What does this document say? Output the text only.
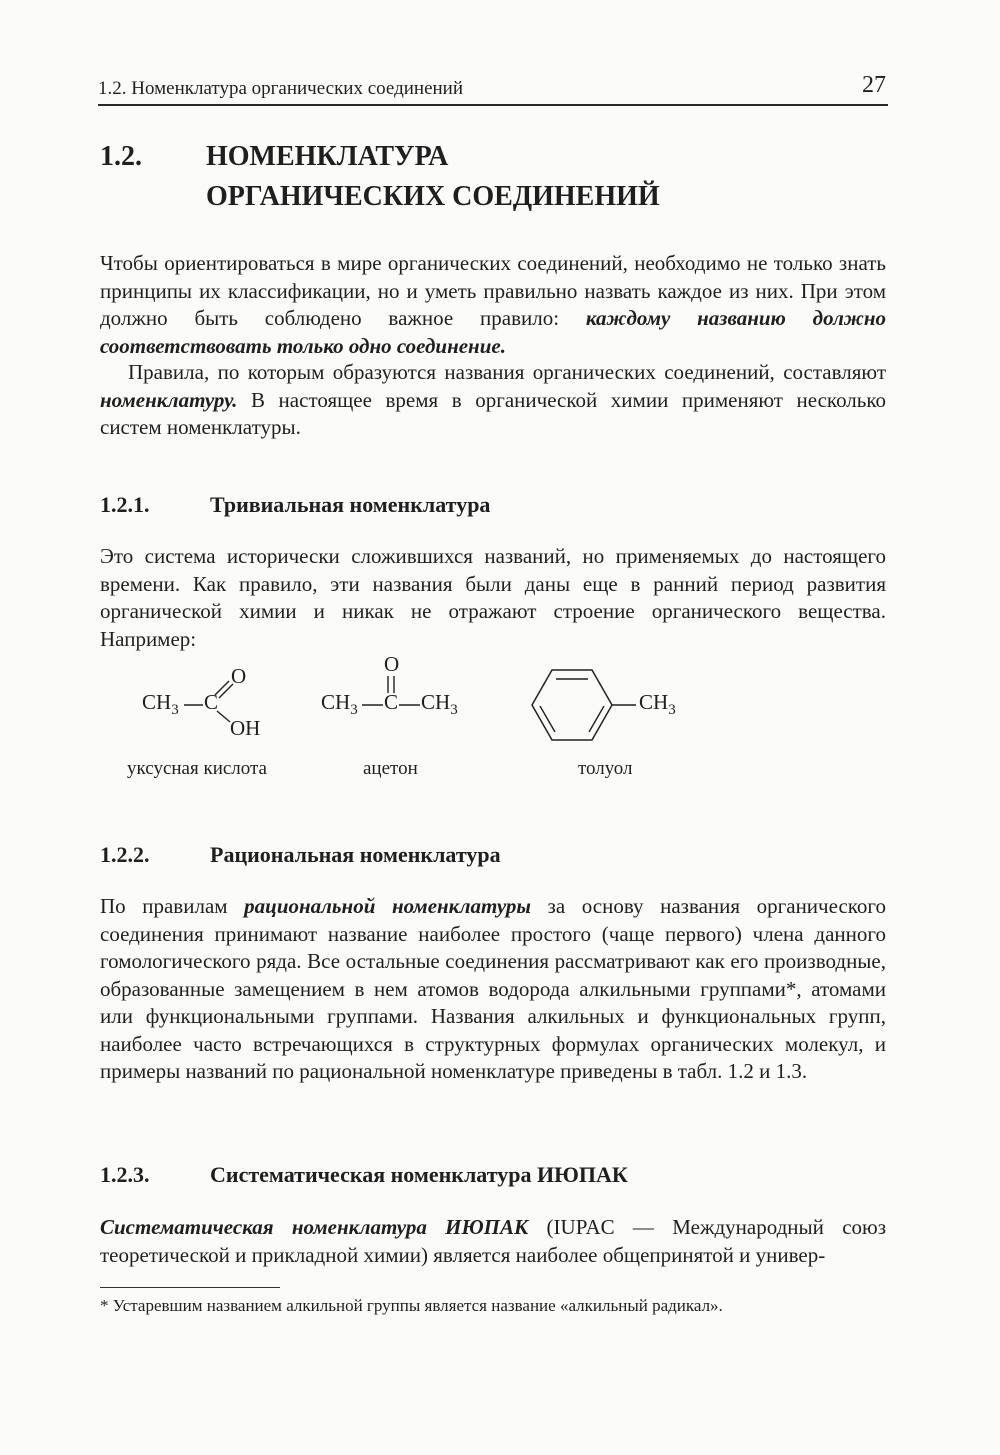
1.2. Номенклатура органических соединений	27
1.2. НОМЕНКЛАТУРА
ОРГАНИЧЕСКИХ СОЕДИНЕНИЙ

Чтобы ориентироваться в мире органических соединений, необходимо не только знать принципы их классификации, но и уметь правильно назвать каждое из них. При этом должно быть соблюдено важное правило: каждому названию должно соответствовать только одно соединение.

Правила, по которым образуются названия органических соединений, составляют номенклатуру. В настоящее время в органической химии применяют несколько систем номенклатуры.

1.2.1.	Тривиальная номенклатура

Это система исторически сложившихся названий, но применяемых до настоящего времени. Как правило, эти названия были даны еще в ранний период развития органической химии и никак не отражают строение органического вещества. Например:

$CH_3$ C
O
OH
уксусная кислота
$CH_3$ C $CH_3$
O
ацетон
$CH_3$
толуол
1.2.2.	Рациональная номенклатура

По правилам рациональной номенклатуры за основу названия органического соединения принимают название наиболее простого (чаще первого) члена данного гомологического ряда. Все остальные соединения рассматривают как его производные, образованные замещением в нем атомов водорода алкильными группами*, атомами или функциональными группами. Названия алкильных и функциональных групп, наиболее часто встречающихся в структурных формулах органических молекул, и примеры названий по рациональной номенклатуре приведены в табл. 1.2 и 1.3.

1.2.3.	Систематическая номенклатура ИЮПАК

Систематическая номенклатура ИЮПАК (IUPAC — Международный союз теоретической и прикладной химии) является наиболее общепринятой и универ-

* Устаревшим названием алкильной группы является название «алкильный радикал».
